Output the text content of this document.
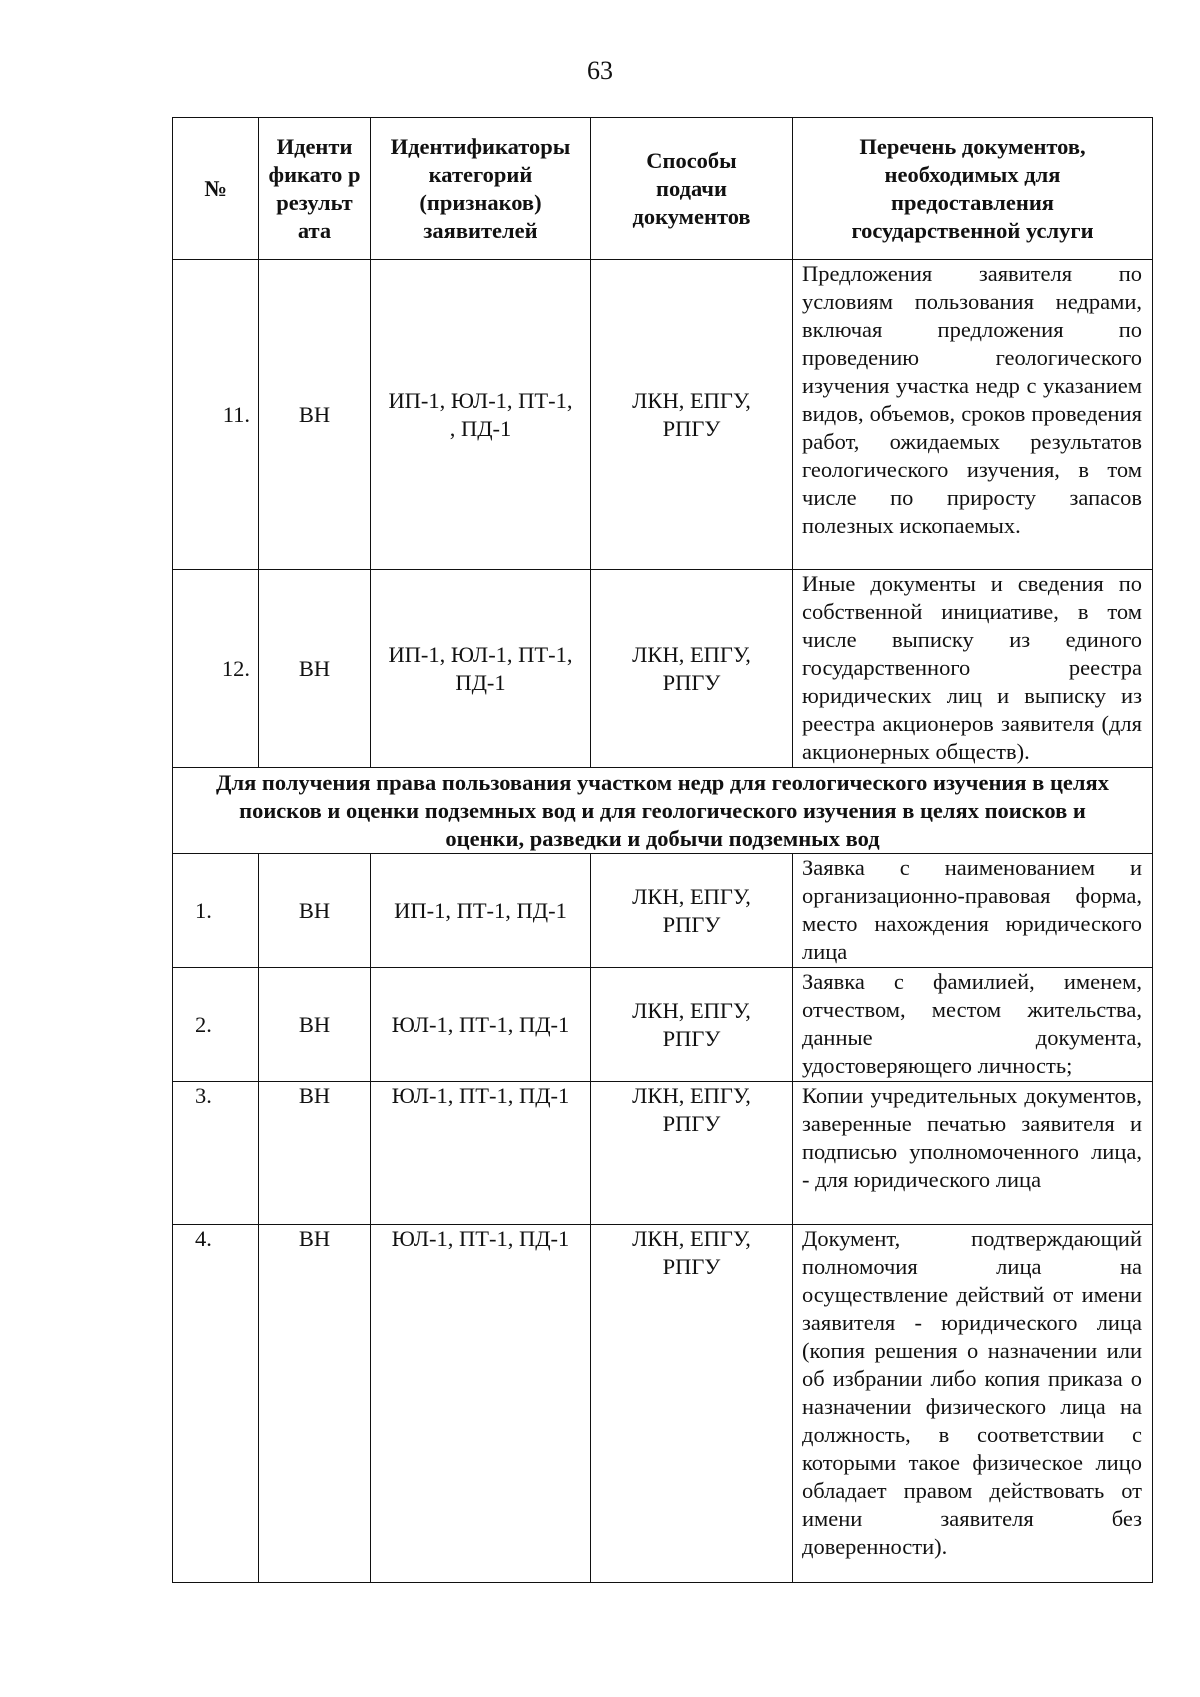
63
№	Иденти фикато р результ ата	Идентификаторы категорий (признаков) заявителей	Способы подачи документов	Перечень документов, необходимых для предоставления государственной услуги
11.	ВН	ИП-1, ЮЛ-1, ПТ-1, , ПД-1	ЛКН, ЕПГУ, РПГУ	Предложения заявителя по условиям пользования недрами, включая предложения по проведению геологического изучения участка недр с указанием видов, объемов, сроков проведения работ, ожидаемых результатов геологического изучения, в том числе по приросту запасов полезных ископаемых.
12.	ВН	ИП-1, ЮЛ-1, ПТ-1, ПД-1	ЛКН, ЕПГУ, РПГУ	Иные документы и сведения по собственной инициативе, в том числе выписку из единого государственного реестра юридических лиц и выписку из реестра акционеров заявителя (для акционерных обществ).
Для получения права пользования участком недр для геологического изучения в целях поисков и оценки подземных вод и для геологического изучения в целях поисков и оценки, разведки и добычи подземных вод				
1.	ВН	ИП-1, ПТ-1, ПД-1	ЛКН, ЕПГУ, РПГУ	Заявка с наименованием и организационно-правовая форма, место нахождения юридического лица
2.	ВН	ЮЛ-1, ПТ-1, ПД-1	ЛКН, ЕПГУ, РПГУ	Заявка с фамилией, именем, отчеством, местом жительства, данные документа, удостоверяющего личность;
3.	ВН	ЮЛ-1, ПТ-1, ПД-1	ЛКН, ЕПГУ, РПГУ	Копии учредительных документов, заверенные печатью заявителя и подписью уполномоченного лица, - для юридического лица
4.	ВН	ЮЛ-1, ПТ-1, ПД-1	ЛКН, ЕПГУ, РПГУ	Документ, подтверждающий полномочия лица на осуществление действий от имени заявителя - юридического лица (копия решения о назначении или об избрании либо копия приказа о назначении физического лица на должность, в соответствии с которыми такое физическое лицо обладает правом действовать от имени заявителя без доверенности).
